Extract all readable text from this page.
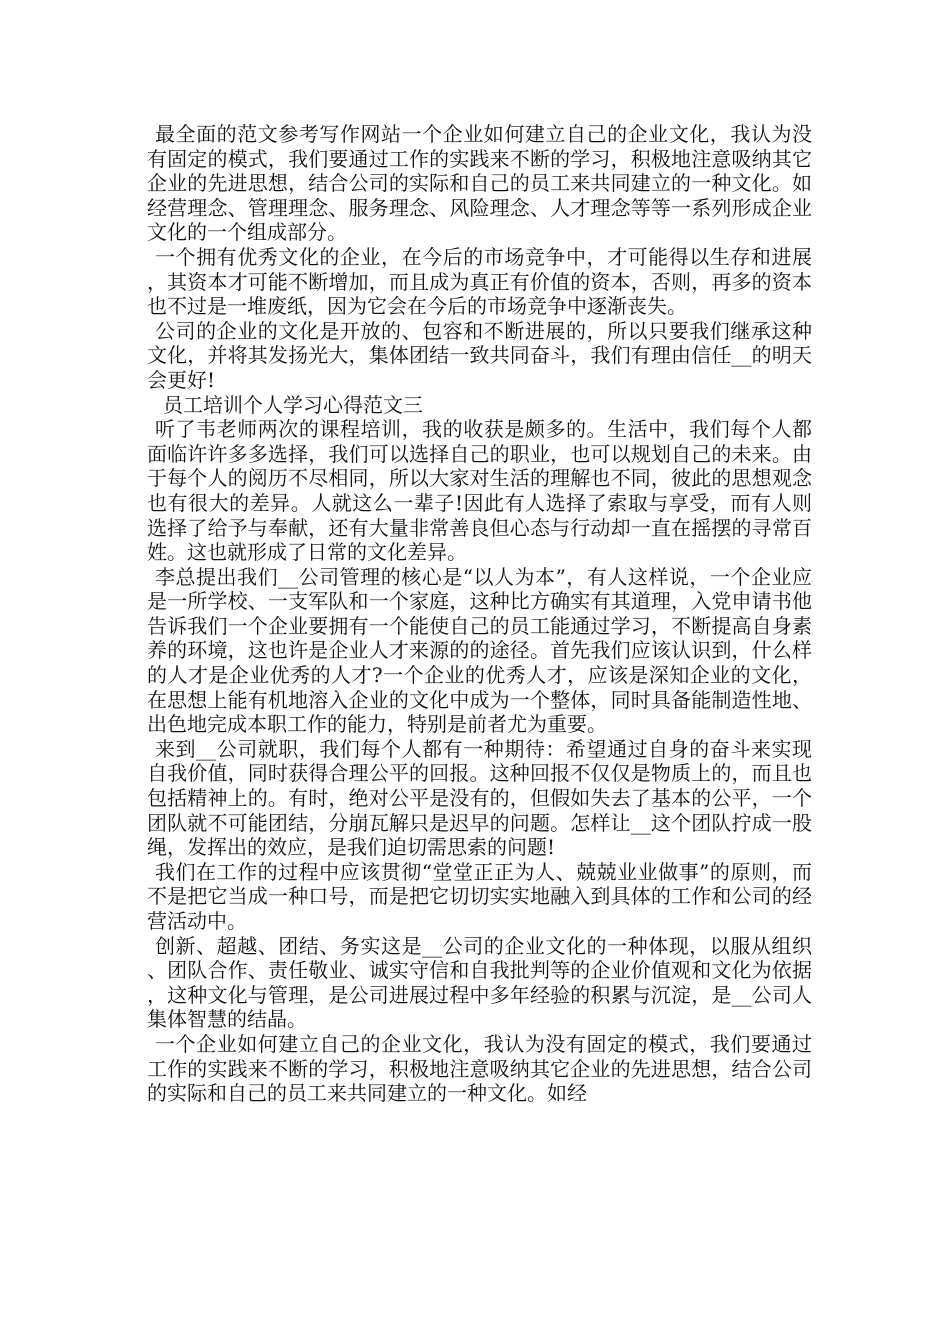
最全面的范文参考写作网站一个企业如何建立自己的企业文化，我认为没有固定的模式，我们要通过工作的实践来不断的学习，积极地注意吸纳其它企业的先进思想，结合公司的实际和自己的员工来共同建立的一种文化。如经营理念、管理理念、服务理念、风险理念、人才理念等等一系列形成企业文化的一个组成部分。

一个拥有优秀文化的企业，在今后的市场竞争中，才可能得以生存和进展，其资本才可能不断增加，而且成为真正有价值的资本，否则，再多的资本也不过是一堆废纸，因为它会在今后的市场竞争中逐渐丧失。

公司的企业的文化是开放的、包容和不断进展的，所以只要我们继承这种文化，并将其发扬光大，集体团结一致共同奋斗，我们有理由信任__的明天会更好!

员工培训个人学习心得范文三

听了韦老师两次的课程培训，我的收获是颇多的。生活中，我们每个人都面临许许多多选择，我们可以选择自己的职业，也可以规划自己的未来。由于每个人的阅历不尽相同，所以大家对生活的理解也不同，彼此的思想观念也有很大的差异。人就这么一辈子!因此有人选择了索取与享受，而有人则选择了给予与奉献，还有大量非常善良但心态与行动却一直在摇摆的寻常百姓。这也就形成了日常的文化差异。

李总提出我们__公司管理的核心是“以人为本”，有人这样说，一个企业应是一所学校、一支军队和一个家庭，这种比方确实有其道理，入党申请书他告诉我们一个企业要拥有一个能使自己的员工能通过学习，不断提高自身素养的环境，这也许是企业人才来源的的途径。首先我们应该认识到，什么样的人才是企业优秀的人才?一个企业的优秀人才，应该是深知企业的文化，在思想上能有机地溶入企业的文化中成为一个整体，同时具备能制造性地、出色地完成本职工作的能力，特别是前者尤为重要。

来到__公司就职，我们每个人都有一种期待：希望通过自身的奋斗来实现自我价值，同时获得合理公平的回报。这种回报不仅仅是物质上的，而且也包括精神上的。有时，绝对公平是没有的，但假如失去了基本的公平，一个团队就不可能团结，分崩瓦解只是迟早的问题。怎样让__这个团队拧成一股绳，发挥出的效应，是我们迫切需思索的问题!

我们在工作的过程中应该贯彻“堂堂正正为人、兢兢业业做事”的原则，而不是把它当成一种口号，而是把它切切实实地融入到具体的工作和公司的经营活动中。

创新、超越、团结、务实这是__公司的企业文化的一种体现，以服从组织、团队合作、责任敬业、诚实守信和自我批判等的企业价值观和文化为依据，这种文化与管理，是公司进展过程中多年经验的积累与沉淀，是__公司人集体智慧的结晶。

一个企业如何建立自己的企业文化，我认为没有固定的模式，我们要通过工作的实践来不断的学习，积极地注意吸纳其它企业的先进思想，结合公司的实际和自己的员工来共同建立的一种文化。如经
